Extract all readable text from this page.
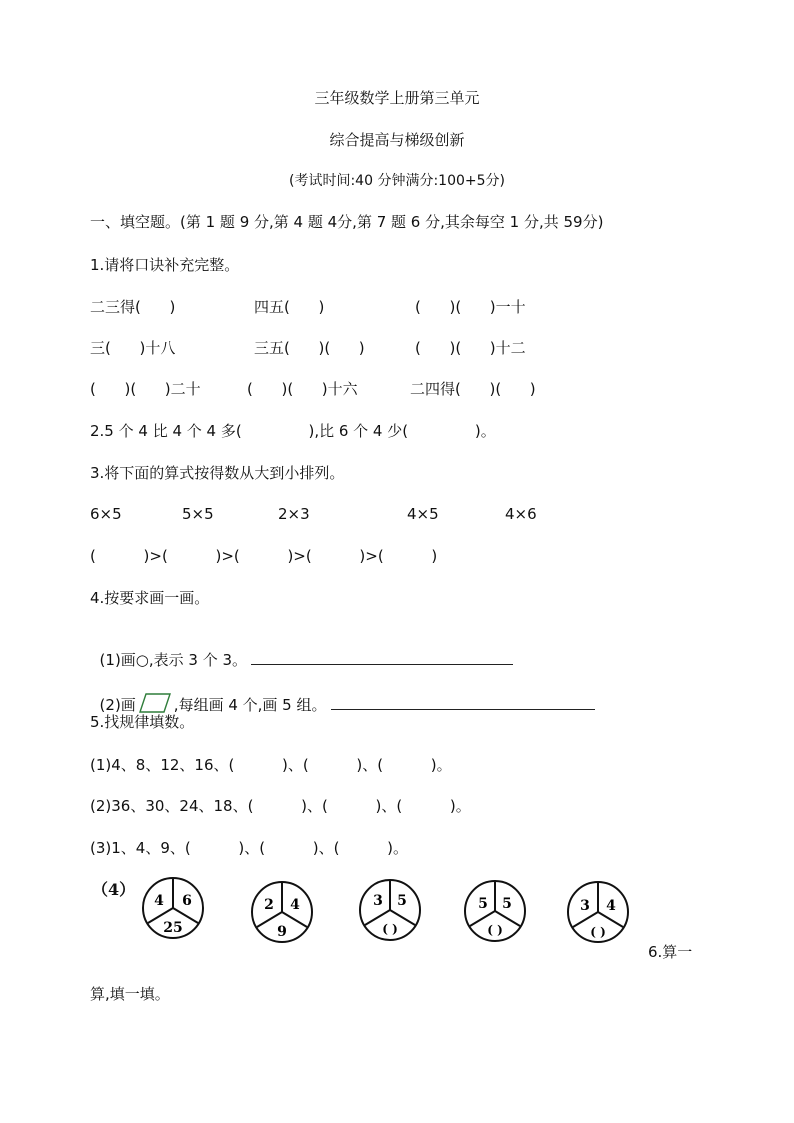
三年级数学上册第三单元
综合提高与梯级创新
(考试时间:40 分钟满分:100+5分)
一、填空题。(第 1 题 9 分,第 4 题 4分,第 7 题 6 分,其余每空 1 分,共 59分)
1.请将口诀补充完整。
二三得(      )	四五(      )	(      )(      )一十
三(      )十八	三五(      )(      )	(      )(      )十二
(      )(      )二十	(      )(      )十六	二四得(      )(      )
2.5 个 4 比 4 个 4 多(              ),比 6 个 4 少(              )。
3.将下面的算式按得数从大到小排列。
6×5	5×5	2×3	4×5	4×6
(          )>(          )>(          )>(          )>(          )
4.按要求画一画。

(1)画○,表示 3 个 3。

(2)画	,每组画 4 个,画 5 组。

5.找规律填数。
(1)4、8、12、16、(          )、(          )、(          )。
(2)36、30、24、18、(          )、(          )、(          )。
(3)1、4、9、(          )、(          )、(          )。
（4）
4 6
25
2 4
9
3 5
( )
5 5
( )
3 4
( )
6.算一
算,填一填。
